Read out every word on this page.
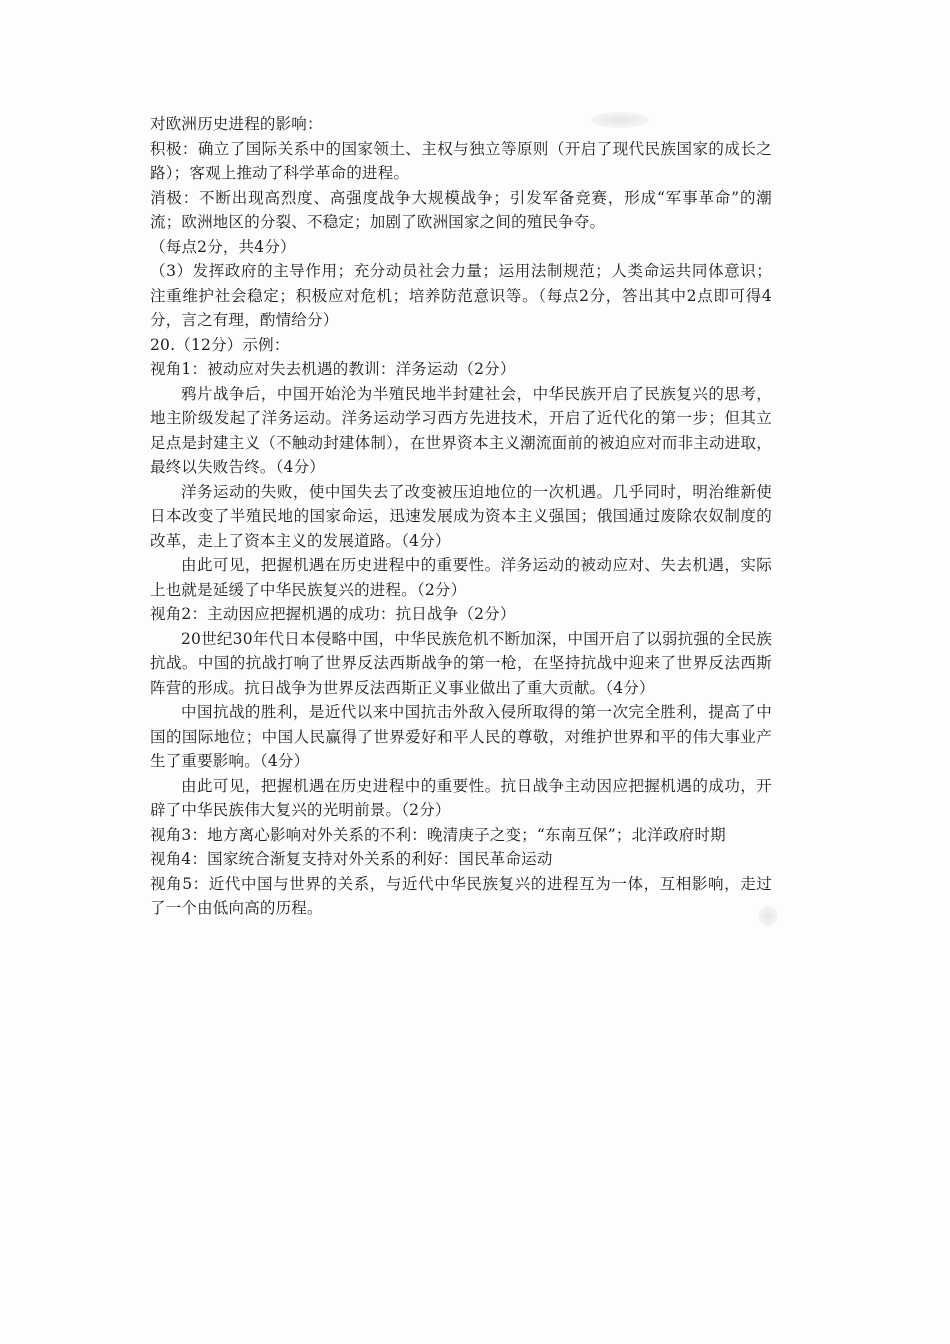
对欧洲历史进程的影响：

积极：确立了国际关系中的国家领土、主权与独立等原则（开启了现代民族国家的成长之路）；客观上推动了科学革命的进程。

消极：不断出现高烈度、高强度战争大规模战争；引发军备竞赛，形成“军事革命”的潮流；欧洲地区的分裂、不稳定；加剧了欧洲国家之间的殖民争夺。

（每点2分，共4分）

（3）发挥政府的主导作用；充分动员社会力量；运用法制规范；人类命运共同体意识；注重维护社会稳定；积极应对危机；培养防范意识等。（每点2分，答出其中2点即可得4分，言之有理，酌情给分）

20.（12分）示例：

视角1：被动应对失去机遇的教训：洋务运动（2分）

鸦片战争后，中国开始沦为半殖民地半封建社会，中华民族开启了民族复兴的思考，地主阶级发起了洋务运动。洋务运动学习西方先进技术，开启了近代化的第一步；但其立足点是封建主义（不触动封建体制），在世界资本主义潮流面前的被迫应对而非主动进取，最终以失败告终。（4分）

洋务运动的失败，使中国失去了改变被压迫地位的一次机遇。几乎同时，明治维新使日本改变了半殖民地的国家命运，迅速发展成为资本主义强国；俄国通过废除农奴制度的改革，走上了资本主义的发展道路。（4分）

由此可见，把握机遇在历史进程中的重要性。洋务运动的被动应对、失去机遇，实际上也就是延缓了中华民族复兴的进程。（2分）

视角2：主动因应把握机遇的成功：抗日战争（2分）

20世纪30年代日本侵略中国，中华民族危机不断加深，中国开启了以弱抗强的全民族抗战。中国的抗战打响了世界反法西斯战争的第一枪，在坚持抗战中迎来了世界反法西斯阵营的形成。抗日战争为世界反法西斯正义事业做出了重大贡献。（4分）

中国抗战的胜利，是近代以来中国抗击外敌入侵所取得的第一次完全胜利，提高了中国的国际地位；中国人民赢得了世界爱好和平人民的尊敬，对维护世界和平的伟大事业产生了重要影响。（4分）

由此可见，把握机遇在历史进程中的重要性。抗日战争主动因应把握机遇的成功，开辟了中华民族伟大复兴的光明前景。（2分）

视角3：地方离心影响对外关系的不利：晚清庚子之变；“东南互保”；北洋政府时期

视角4：国家统合渐复支持对外关系的利好：国民革命运动

视角5：近代中国与世界的关系，与近代中华民族复兴的进程互为一体，互相影响，走过了一个由低向高的历程。
